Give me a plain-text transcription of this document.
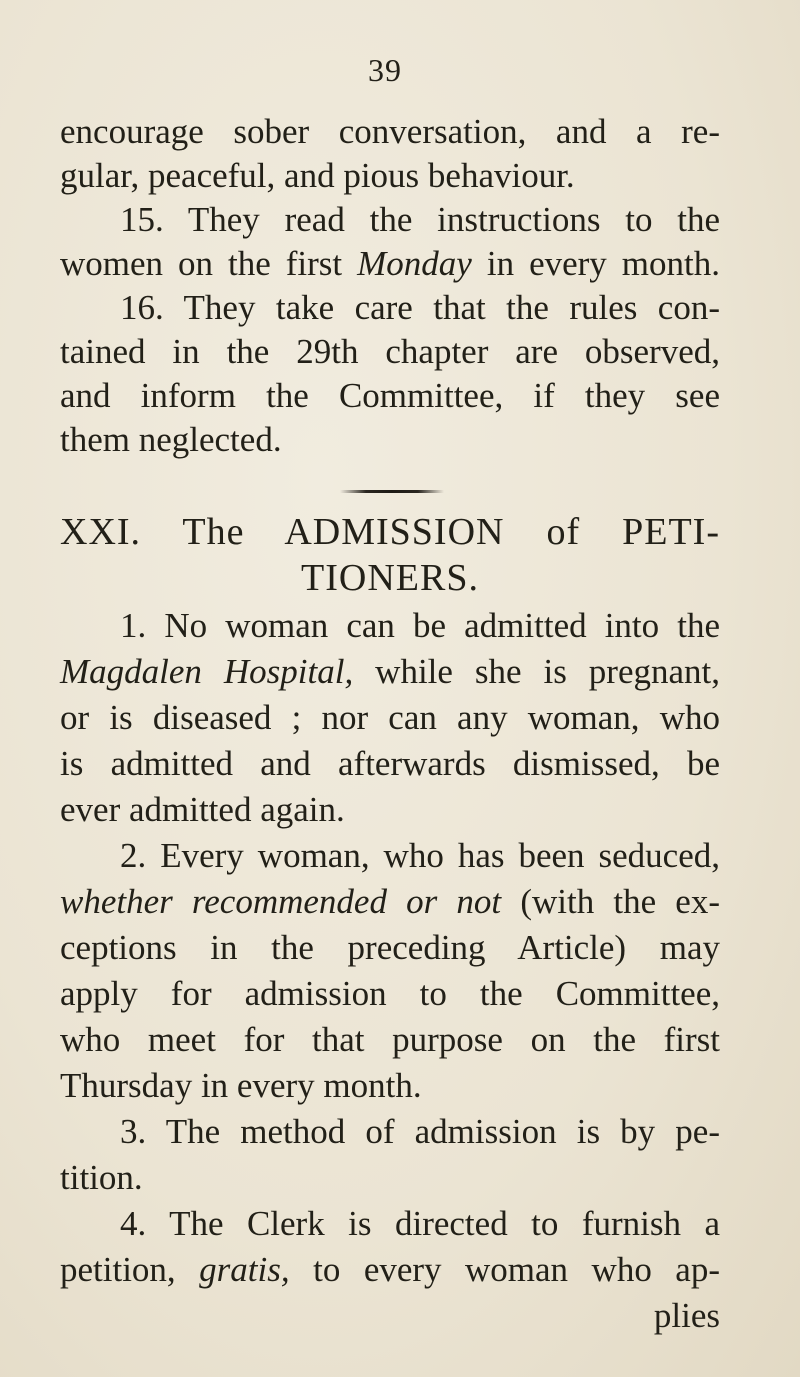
39
encourage sober conversation, and a re-
gular, peaceful, and pious behaviour.
15. They read the instructions to the
women on the first Monday in every month.
16. They take care that the rules con-
tained in the 29th chapter are observed,
and inform the Committee, if they see
them neglected.
XXI. The ADMISSION of PETI-
TIONERS.
1. No woman can be admitted into the
Magdalen Hospital, while she is pregnant,
or is diseased ; nor can any woman, who
is admitted and afterwards dismissed, be
ever admitted again.
2. Every woman, who has been seduced,
whether recommended or not (with the ex-
ceptions in the preceding Article) may
apply for admission to the Committee,
who meet for that purpose on the first
Thursday in every month.
3. The method of admission is by pe-
tition.
4. The Clerk is directed to furnish a
petition, gratis, to every woman who ap-
plies
